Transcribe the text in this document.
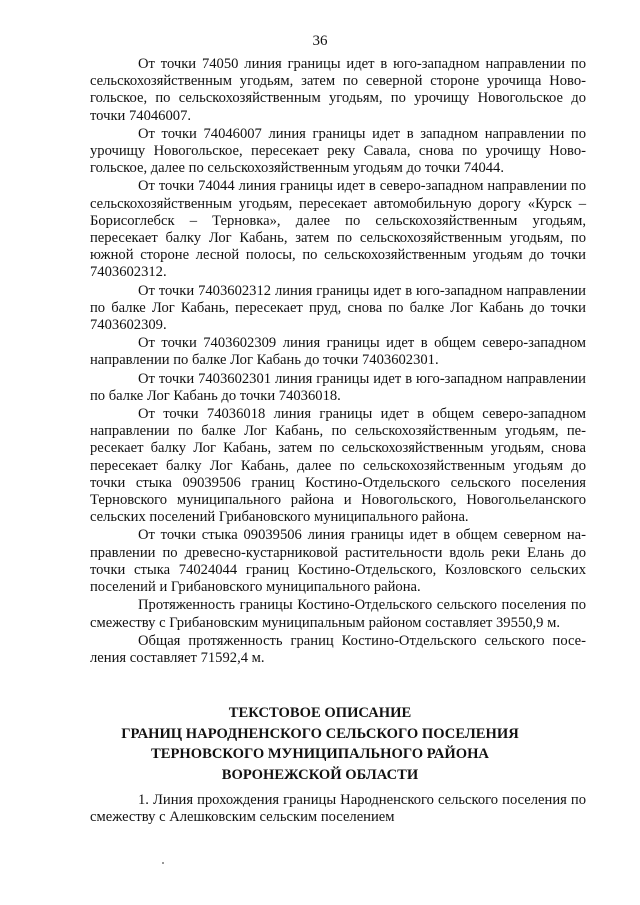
36

От точки 74050 линия границы идет в юго-западном направлении по сельскохозяйственным угодьям, затем по северной стороне урочища Новогольское, по сельскохозяйственным угодьям, по урочищу Новогольское до точки 74046007.

От точки 74046007 линия границы идет в западном направлении по урочищу Новогольское, пересекает реку Савала, снова по урочищу Новогольское, далее по сельскохозяйственным угодьям до точки 74044.

От точки 74044 линия границы идет в северо-западном направлении по сельскохозяйственным угодьям, пересекает автомобильную дорогу «Курск – Борисоглебск – Терновка», далее по сельскохозяйственным угодьям, пересекает балку Лог Кабань, затем по сельскохозяйственным угодьям, по южной стороне лесной полосы, по сельскохозяйственным угодьям до точки 7403602312.

От точки 7403602312 линия границы идет в юго-западном направлении по балке Лог Кабань, пересекает пруд, снова по балке Лог Кабань до точки 7403602309.

От точки 7403602309 линия границы идет в общем северо-западном направлении по балке Лог Кабань до точки 7403602301.

От точки 7403602301 линия границы идет в юго-западном направлении по балке Лог Кабань до точки 74036018.

От точки 74036018 линия границы идет в общем северо-западном направлении по балке Лог Кабань, по сельскохозяйственным угодьям, пересекает балку Лог Кабань, затем по сельскохозяйственным угодьям, снова пересекает балку Лог Кабань, далее по сельскохозяйственным угодьям до точки стыка 09039506 границ Костино-Отдельского сельского поселения Терновского муниципального района и Новогольского, Новогольеланского сельских поселений Грибановского муниципального района.

От точки стыка 09039506 линия границы идет в общем северном направлении по древесно-кустарниковой растительности вдоль реки Елань до точки стыка 74024044 границ Костино-Отдельского, Козловского сельских поселений и Грибановского муниципального района.

Протяженность границы Костино-Отдельского сельского поселения по смежеству с Грибановским муниципальным районом составляет 39550,9 м.

Общая протяженность границ Костино-Отдельского сельского поселения составляет 71592,4 м.

ТЕКСТОВОЕ ОПИСАНИЕ
ГРАНИЦ НАРОДНЕНСКОГО СЕЛЬСКОГО ПОСЕЛЕНИЯ
ТЕРНОВСКОГО МУНИЦИПАЛЬНОГО РАЙОНА
ВОРОНЕЖСКОЙ ОБЛАСТИ

1. Линия прохождения границы Народненского сельского поселения по смежеству с Алешковским сельским поселением
